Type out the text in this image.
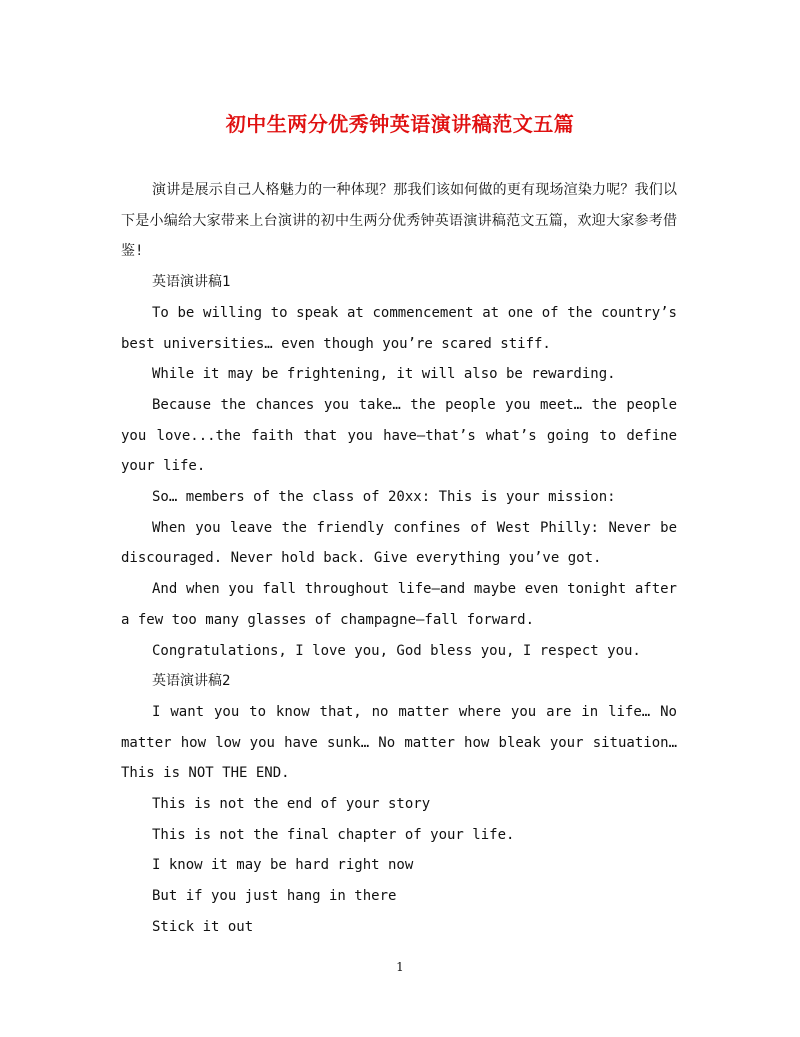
初中生两分优秀钟英语演讲稿范文五篇

演讲是展示自己人格魅力的一种体现？那我们该如何做的更有现场渲染力呢？我们以下是小编给大家带来上台演讲的初中生两分优秀钟英语演讲稿范文五篇，欢迎大家参考借鉴!

英语演讲稿1

To be willing to speak at commencement at one of the country’s best universities… even though you’re scared stiff.

While it may be frightening, it will also be rewarding.

Because the chances you take… the people you meet… the people you love...the faith that you have—that’s what’s going to define your life.

So… members of the class of 20xx: This is your mission:

When you leave the friendly confines of West Philly: Never be discouraged. Never hold back. Give everything you’ve got.

And when you fall throughout life—and maybe even tonight after a few too many glasses of champagne—fall forward.

Congratulations, I love you, God bless you, I respect you.

英语演讲稿2

I want you to know that, no matter where you are in life… No matter how low you have sunk… No matter how bleak your situation… This is NOT THE END.

This is not the end of your story

This is not the final chapter of your life.

I know it may be hard right now

But if you just hang in there

Stick it out

1
